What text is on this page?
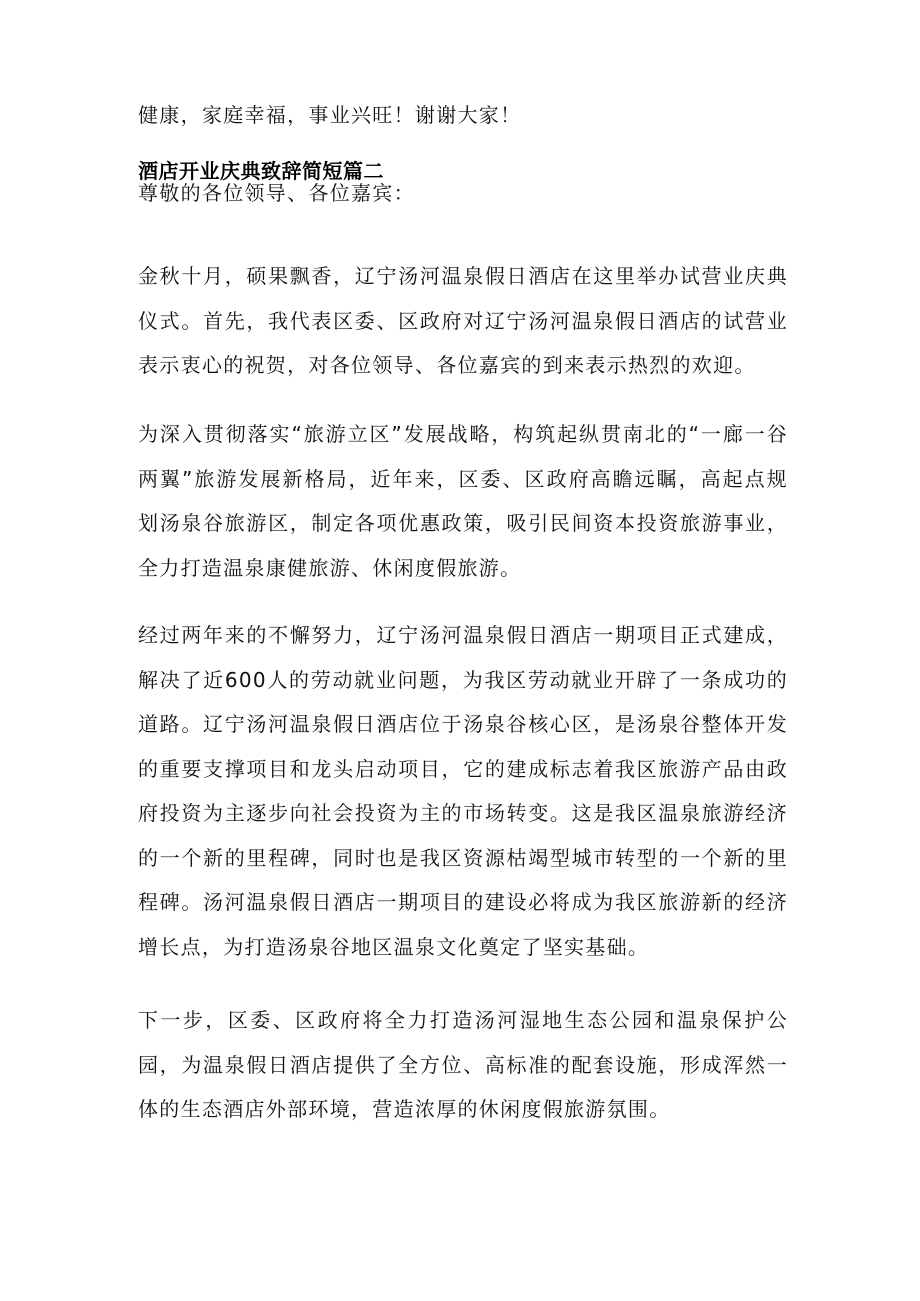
健康，家庭幸福，事业兴旺！谢谢大家！

酒店开业庆典致辞简短篇二

尊敬的各位领导、各位嘉宾：

金秋十月，硕果飘香，辽宁汤河温泉假日酒店在这里举办试营业庆典仪式。首先，我代表区委、区政府对辽宁汤河温泉假日酒店的试营业表示衷心的祝贺，对各位领导、各位嘉宾的到来表示热烈的欢迎。

为深入贯彻落实“旅游立区”发展战略，构筑起纵贯南北的“一廊一谷两翼”旅游发展新格局，近年来，区委、区政府高瞻远瞩，高起点规划汤泉谷旅游区，制定各项优惠政策，吸引民间资本投资旅游事业，全力打造温泉康健旅游、休闲度假旅游。

经过两年来的不懈努力，辽宁汤河温泉假日酒店一期项目正式建成，解决了近600人的劳动就业问题，为我区劳动就业开辟了一条成功的道路。辽宁汤河温泉假日酒店位于汤泉谷核心区，是汤泉谷整体开发的重要支撑项目和龙头启动项目，它的建成标志着我区旅游产品由政府投资为主逐步向社会投资为主的市场转变。这是我区温泉旅游经济的一个新的里程碑，同时也是我区资源枯竭型城市转型的一个新的里程碑。汤河温泉假日酒店一期项目的建设必将成为我区旅游新的经济增长点，为打造汤泉谷地区温泉文化奠定了坚实基础。

下一步，区委、区政府将全力打造汤河湿地生态公园和温泉保护公园，为温泉假日酒店提供了全方位、高标准的配套设施，形成浑然一体的生态酒店外部环境，营造浓厚的休闲度假旅游氛围。
